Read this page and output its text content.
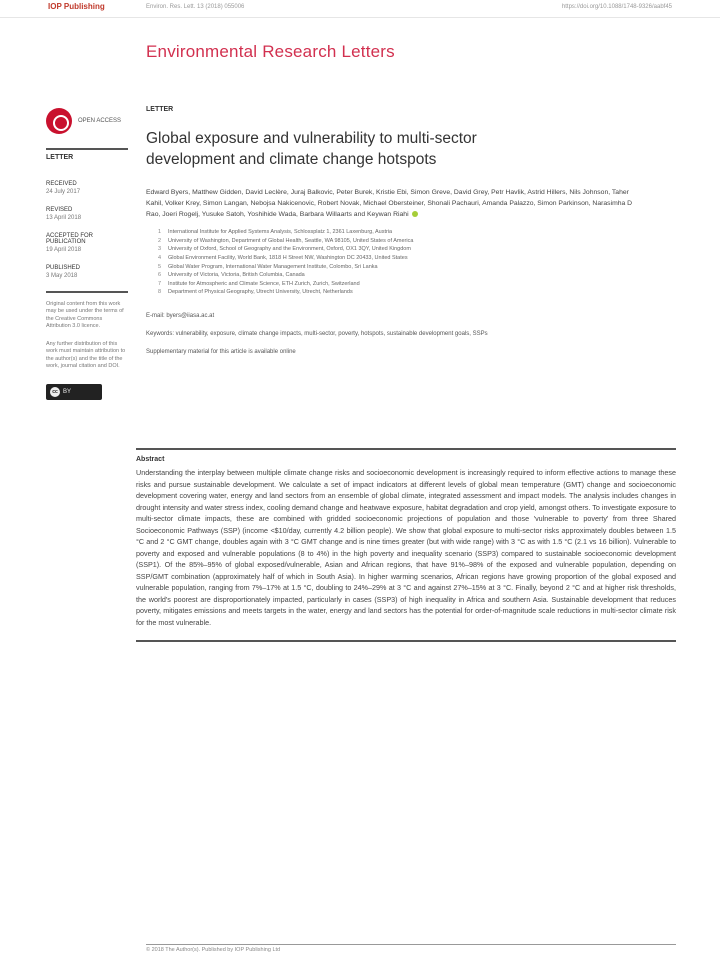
IOP Publishing	Environ. Res. Lett. 13 (2018) 055006	https://doi.org/10.1088/1748-9326/aabf45
Environmental Research Letters
OPEN ACCESS
LETTER
RECEIVED
24 July 2017
REVISED
13 April 2018
ACCEPTED FOR PUBLICATION
19 April 2018
PUBLISHED
3 May 2018
Original content from this work may be used under the terms of the Creative Commons Attribution 3.0 licence.
Any further distribution of this work must maintain attribution to the author(s) and the title of the work, journal citation and DOI.
cc BY
LETTER
Global exposure and vulnerability to multi-sector development and climate change hotspots
Edward Byers, Matthew Gidden, David Leclère, Juraj Balkovic, Peter Burek, Kristie Ebi, Simon Greve, David Grey, Petr Havlik, Astrid Hillers, Nils Johnson, Taher Kahil, Volker Krey, Simon Langan, Nebojsa Nakicenovic, Robert Novak, Michael Obersteiner, Shonali Pachauri, Amanda Palazzo, Simon Parkinson, Narasimha D Rao, Joeri Rogelj, Yusuke Satoh, Yoshihide Wada, Barbara Willaarts and Keywan Riahi
1 International Institute for Applied Systems Analysis, Schlossplatz 1, 2361 Laxenburg, Austria
2 University of Washington, Department of Global Health, Seattle, WA 98105, United States of America
3 University of Oxford, School of Geography and the Environment, Oxford, OX1 3QY, United Kingdom
4 Global Environment Facility, World Bank, 1818 H Street NW, Washington DC 20433, United States
5 Global Water Program, International Water Management Institute, Colombo, Sri Lanka
6 University of Victoria, Victoria, British Columbia, Canada
7 Institute for Atmospheric and Climate Science, ETH Zurich, Zurich, Switzerland
8 Department of Physical Geography, Utrecht University, Utrecht, Netherlands
E-mail: byers@iiasa.ac.at
Keywords: vulnerability, exposure, climate change impacts, multi-sector, poverty, hotspots, sustainable development goals, SSPs
Supplementary material for this article is available online
Abstract
Understanding the interplay between multiple climate change risks and socioeconomic development is increasingly required to inform effective actions to manage these risks and pursue sustainable development. We calculate a set of impact indicators at different levels of global mean temperature (GMT) change and socioeconomic development covering water, energy and land sectors from an ensemble of global climate, integrated assessment and impact models. The analysis includes changes in drought intensity and water stress index, cooling demand change and heatwave exposure, habitat degradation and crop yield, amongst others. To investigate exposure to multi-sector climate impacts, these are combined with gridded socioeconomic projections of population and those 'vulnerable to poverty' from three Shared Socioeconomic Pathways (SSP) (income <$10/day, currently 4.2 billion people). We show that global exposure to multi-sector risks approximately doubles between 1.5 °C and 2 °C GMT change, doubles again with 3 °C GMT change and is nine times greater (but with wide range) with 3 °C as with 1.5 °C (2.1 vs 16 billion). Vulnerable to poverty and exposed and vulnerable populations (8 to 4%) in the high poverty and inequality scenario (SSP3) compared to sustainable socioeconomic development (SSP1). Of the 85%–95% of global exposed/vulnerable, Asian and African regions, that have 91%–98% of the exposed and vulnerable population, depending on SSP/GMT combination (approximately half of which in South Asia). In higher warming scenarios, African regions have growing proportion of the global exposed and vulnerable population, ranging from 7%–17% at 1.5 °C, doubling to 24%–29% at 3 °C and against 27%–15% at 3 °C. Finally, beyond 2 °C and at higher risk thresholds, the world's poorest are disproportionately impacted, particularly in cases (SSP3) of high inequality in Africa and southern Asia. Sustainable development that reduces poverty, mitigates emissions and meets targets in the water, energy and land sectors has the potential for order-of-magnitude scale reductions in multi-sector climate risk for the most vulnerable.
© 2018 The Author(s). Published by IOP Publishing Ltd
